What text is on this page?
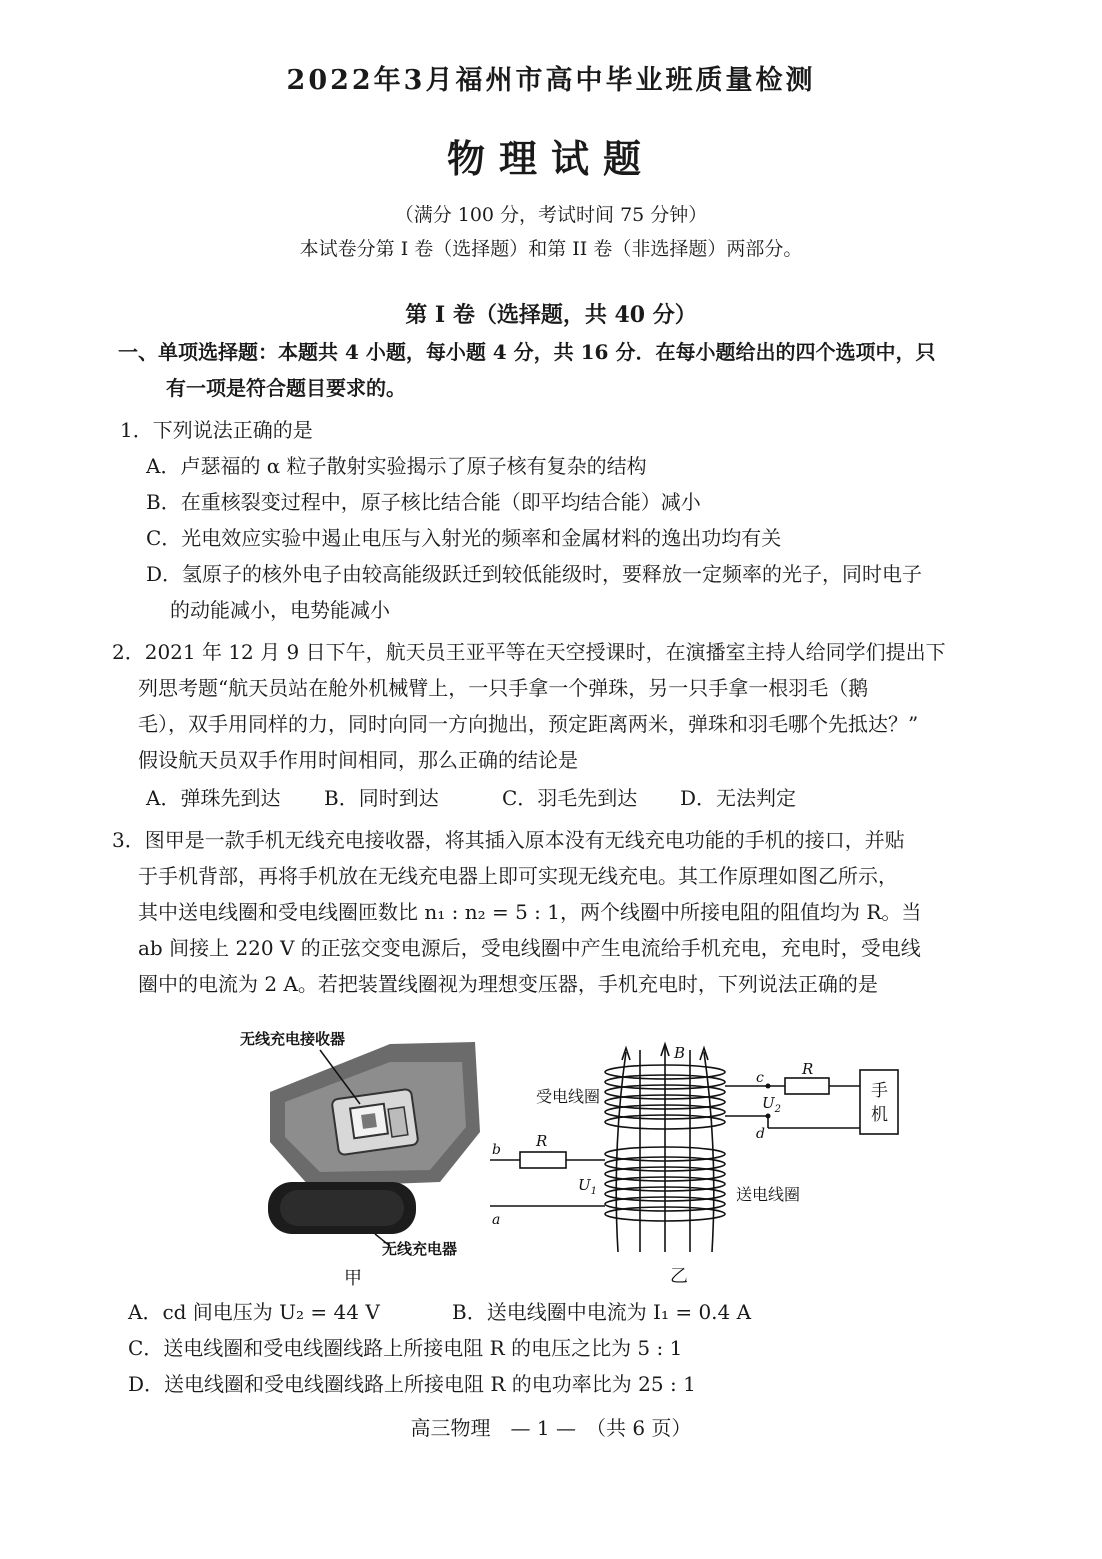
2022年3月福州市高中毕业班质量检测
物理试题
（满分 100 分，考试时间 75 分钟）
本试卷分第 I 卷（选择题）和第 II 卷（非选择题）两部分。
第 I 卷（选择题，共 40 分）
一、单项选择题：本题共 4 小题，每小题 4 分，共 16 分．在每小题给出的四个选项中，只
有一项是符合题目要求的。
1．下列说法正确的是
A．卢瑟福的 α 粒子散射实验揭示了原子核有复杂的结构
B．在重核裂变过程中，原子核比结合能（即平均结合能）减小
C．光电效应实验中遏止电压与入射光的频率和金属材料的逸出功均有关
D．氢原子的核外电子由较高能级跃迁到较低能级时，要释放一定频率的光子，同时电子
的动能减小，电势能减小
2．2021 年 12 月 9 日下午，航天员王亚平等在天空授课时，在演播室主持人给同学们提出下
列思考题“航天员站在舱外机械臂上，一只手拿一个弹珠，另一只手拿一根羽毛（鹅
毛），双手用同样的力，同时向同一方向抛出，预定距离两米，弹珠和羽毛哪个先抵达？”
假设航天员双手作用时间相同，那么正确的结论是
A．弹珠先到达 B．同时到达	C．羽毛先到达 D．无法判定
3．图甲是一款手机无线充电接收器，将其插入原本没有无线充电功能的手机的接口，并贴
于手机背部，再将手机放在无线充电器上即可实现无线充电。其工作原理如图乙所示，
其中送电线圈和受电线圈匝数比 n₁ : n₂ = 5 : 1，两个线圈中所接电阻的阻值均为 R。当
ab 间接上 220 V 的正弦交变电源后，受电线圈中产生电流给手机充电，充电时，受电线
圈中的电流为 2 A。若把装置线圈视为理想变压器，手机充电时，下列说法正确的是
无线充电接收器
无线充电器
甲
受电线圈
送电线圈
手
机
R
R
B
c
d
b
a
$U_1$
$U_2$
乙
A．cd 间电压为 U₂ = 44 V	B．送电线圈中电流为 I₁ = 0.4 A
C．送电线圈和受电线圈线路上所接电阻 R 的电压之比为 5 : 1
D．送电线圈和受电线圈线路上所接电阻 R 的电功率比为 25 : 1
高三物理　— 1 —　（共 6 页）
